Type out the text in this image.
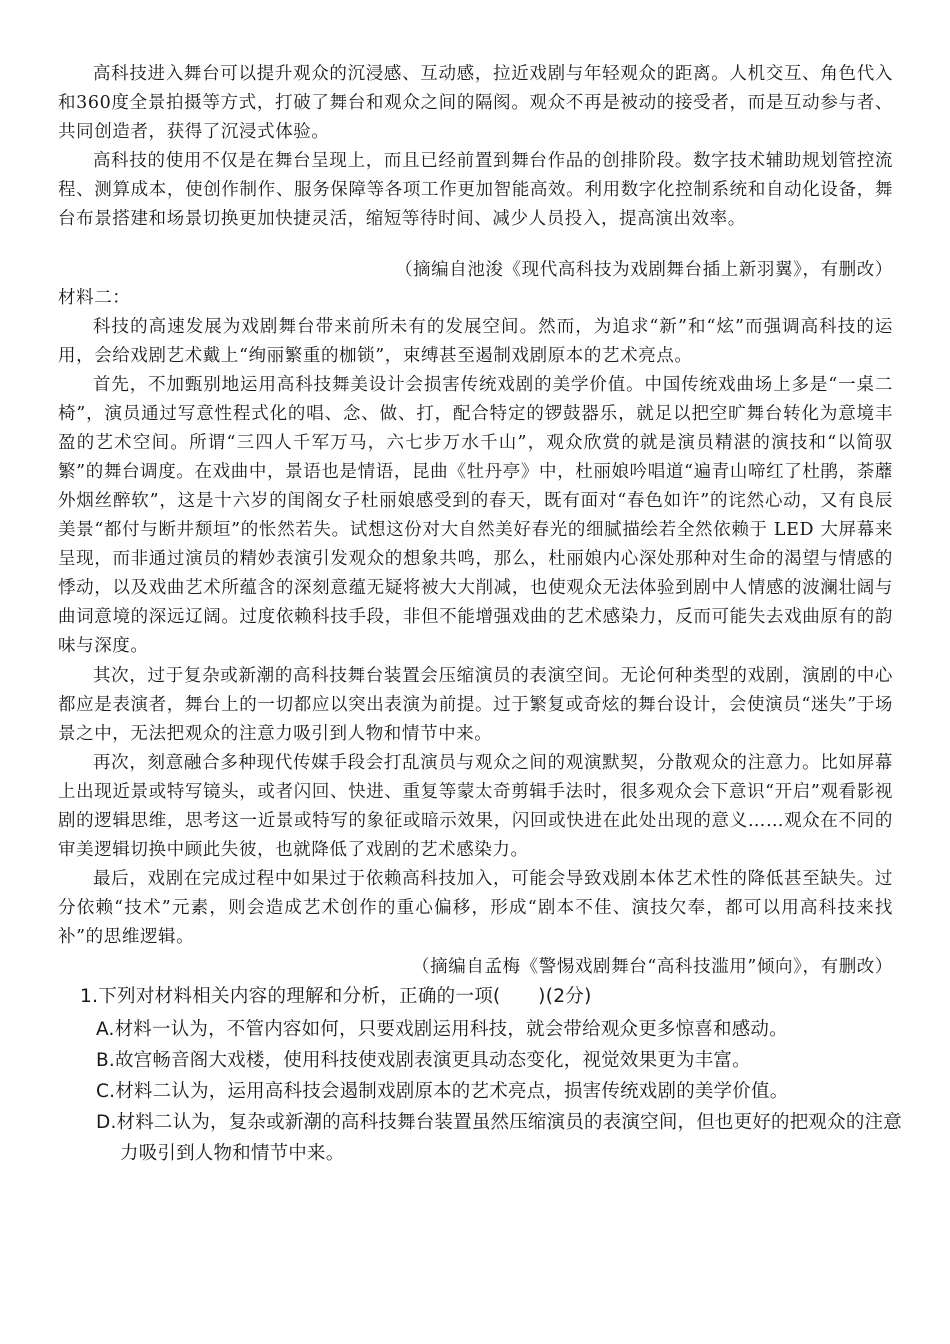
高科技进入舞台可以提升观众的沉浸感、互动感，拉近戏剧与年轻观众的距离。人机交互、角色代入和360度全景拍摄等方式，打破了舞台和观众之间的隔阂。观众不再是被动的接受者，而是互动参与者、共同创造者，获得了沉浸式体验。

高科技的使用不仅是在舞台呈现上，而且已经前置到舞台作品的创排阶段。数字技术辅助规划管控流程、测算成本，使创作制作、服务保障等各项工作更加智能高效。利用数字化控制系统和自动化设备，舞台布景搭建和场景切换更加快捷灵活，缩短等待时间、减少人员投入，提高演出效率。

（摘编自池浚《现代高科技为戏剧舞台插上新羽翼》，有删改）

材料二：

科技的高速发展为戏剧舞台带来前所未有的发展空间。然而，为追求“新”和“炫”而强调高科技的运用，会给戏剧艺术戴上“绚丽繁重的枷锁”，束缚甚至遏制戏剧原本的艺术亮点。

首先，不加甄别地运用高科技舞美设计会损害传统戏剧的美学价值。中国传统戏曲场上多是“一桌二椅”，演员通过写意性程式化的唱、念、做、打，配合特定的锣鼓器乐，就足以把空旷舞台转化为意境丰盈的艺术空间。所谓“三四人千军万马，六七步万水千山”，观众欣赏的就是演员精湛的演技和“以简驭繁”的舞台调度。在戏曲中，景语也是情语，昆曲《牡丹亭》中，杜丽娘吟唱道“遍青山啼红了杜鹃，荼蘼外烟丝醉软”，这是十六岁的闺阁女子杜丽娘感受到的春天，既有面对“春色如许”的诧然心动，又有良辰美景“都付与断井颓垣”的怅然若失。试想这份对大自然美好春光的细腻描绘若全然依赖于 LED 大屏幕来呈现，而非通过演员的精妙表演引发观众的想象共鸣，那么，杜丽娘内心深处那种对生命的渴望与情感的悸动，以及戏曲艺术所蕴含的深刻意蕴无疑将被大大削减，也使观众无法体验到剧中人情感的波澜壮阔与曲词意境的深远辽阔。过度依赖科技手段，非但不能增强戏曲的艺术感染力，反而可能失去戏曲原有的韵味与深度。

其次，过于复杂或新潮的高科技舞台装置会压缩演员的表演空间。无论何种类型的戏剧，演剧的中心都应是表演者，舞台上的一切都应以突出表演为前提。过于繁复或奇炫的舞台设计，会使演员“迷失”于场景之中，无法把观众的注意力吸引到人物和情节中来。

再次，刻意融合多种现代传媒手段会打乱演员与观众之间的观演默契，分散观众的注意力。比如屏幕上出现近景或特写镜头，或者闪回、快进、重复等蒙太奇剪辑手法时，很多观众会下意识“开启”观看影视剧的逻辑思维，思考这一近景或特写的象征或暗示效果，闪回或快进在此处出现的意义……观众在不同的审美逻辑切换中顾此失彼，也就降低了戏剧的艺术感染力。

最后，戏剧在完成过程中如果过于依赖高科技加入，可能会导致戏剧本体艺术性的降低甚至缺失。过分依赖“技术”元素，则会造成艺术创作的重心偏移，形成“剧本不佳、演技欠奉，都可以用高科技来找补”的思维逻辑。

（摘编自孟梅《警惕戏剧舞台“高科技滥用”倾向》，有删改）

1.下列对材料相关内容的理解和分析，正确的一项(　　)(2分)

A.材料一认为，不管内容如何，只要戏剧运用科技，就会带给观众更多惊喜和感动。

B.故宫畅音阁大戏楼，使用科技使戏剧表演更具动态变化，视觉效果更为丰富。

C.材料二认为，运用高科技会遏制戏剧原本的艺术亮点，损害传统戏剧的美学价值。

D.材料二认为，复杂或新潮的高科技舞台装置虽然压缩演员的表演空间，但也更好的把观众的注意力吸引到人物和情节中来。
